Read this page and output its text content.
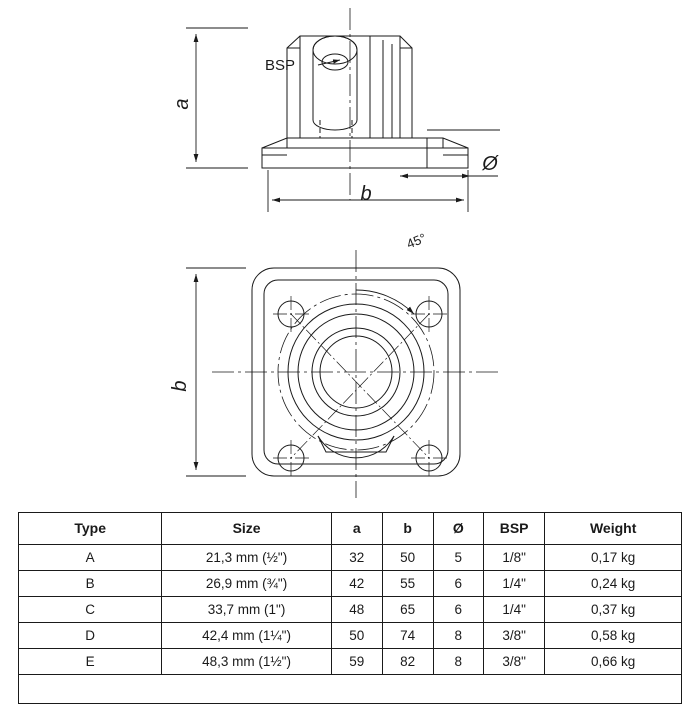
BSP
a
b
Ø
b
45°
Type	Size	a	b	Ø	BSP	Weight
A	21,3 mm (½")	32	50	5	1/8"	0,17 kg
B	26,9 mm (¾")	42	55	6	1/4"	0,24 kg
C	33,7 mm (1")	48	65	6	1/4"	0,37 kg
D	42,4 mm (1¼")	50	74	8	3/8"	0,58 kg
E	48,3 mm (1½")	59	82	8	3/8"	0,66 kg
